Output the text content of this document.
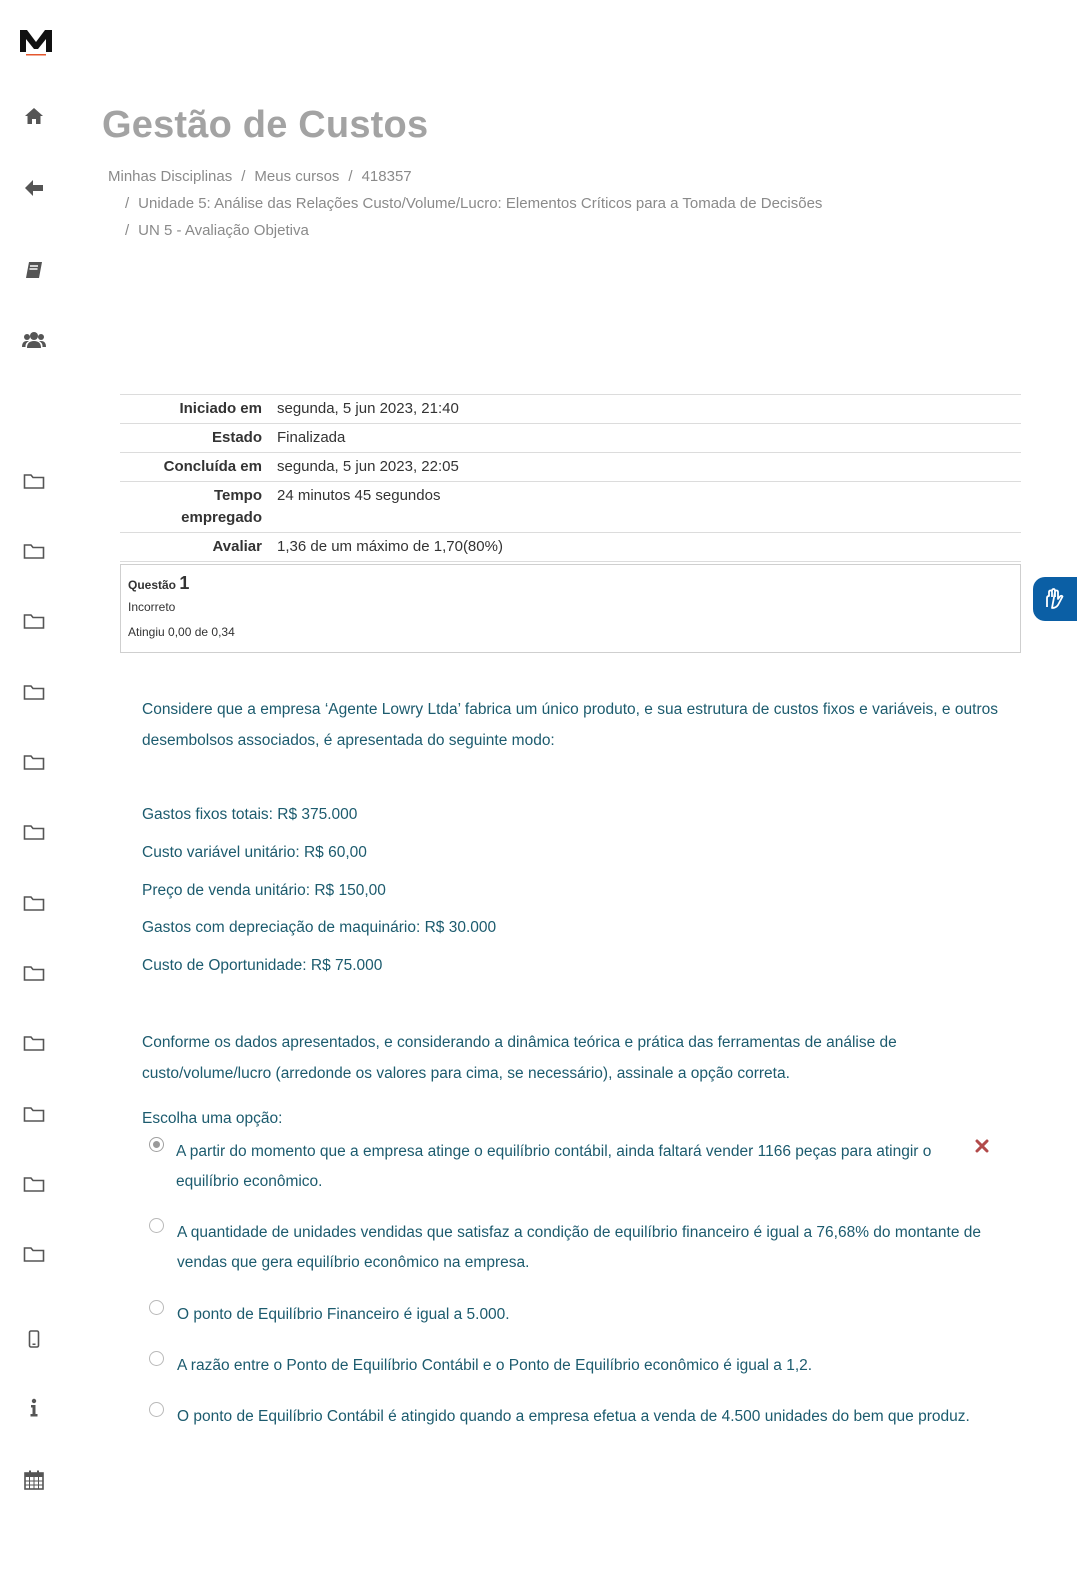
Gestão de Custos
Minhas Disciplinas / Meus cursos / 418357
/ Unidade 5: Análise das Relações Custo/Volume/Lucro: Elementos Críticos para a Tomada de Decisões
/ UN 5 - Avaliação Objetiva
Iniciado em	segunda, 5 jun 2023, 21:40
Estado	Finalizada
Concluída em	segunda, 5 jun 2023, 22:05
Tempo
empregado	24 minutos 45 segundos
Avaliar	1,36 de um máximo de 1,70(80%)
Questão 1
Incorreto
Atingiu 0,00 de 0,34

Considere que a empresa ‘Agente Lowry Ltda’ fabrica um único produto, e sua estrutura de custos fixos e variáveis, e outros desembolsos associados, é apresentada do seguinte modo:

Gastos fixos totais: R$ 375.000

Custo variável unitário: R$ 60,00

Preço de venda unitário: R$ 150,00

Gastos com depreciação de maquinário: R$ 30.000

Custo de Oportunidade: R$ 75.000

Conforme os dados apresentados, e considerando a dinâmica teórica e prática das ferramentas de análise de custo/volume/lucro (arredonde os valores para cima, se necessário), assinale a opção correta.

Escolha uma opção:

A partir do momento que a empresa atinge o equilíbrio contábil, ainda faltará vender 1166 peças para atingir o equilíbrio econômico.
A quantidade de unidades vendidas que satisfaz a condição de equilíbrio financeiro é igual a 76,68% do montante de vendas que gera equilíbrio econômico na empresa.
O ponto de Equilíbrio Financeiro é igual a 5.000.
A razão entre o Ponto de Equilíbrio Contábil e o Ponto de Equilíbrio econômico é igual a 1,2.
O ponto de Equilíbrio Contábil é atingido quando a empresa efetua a venda de 4.500 unidades do bem que produz.
